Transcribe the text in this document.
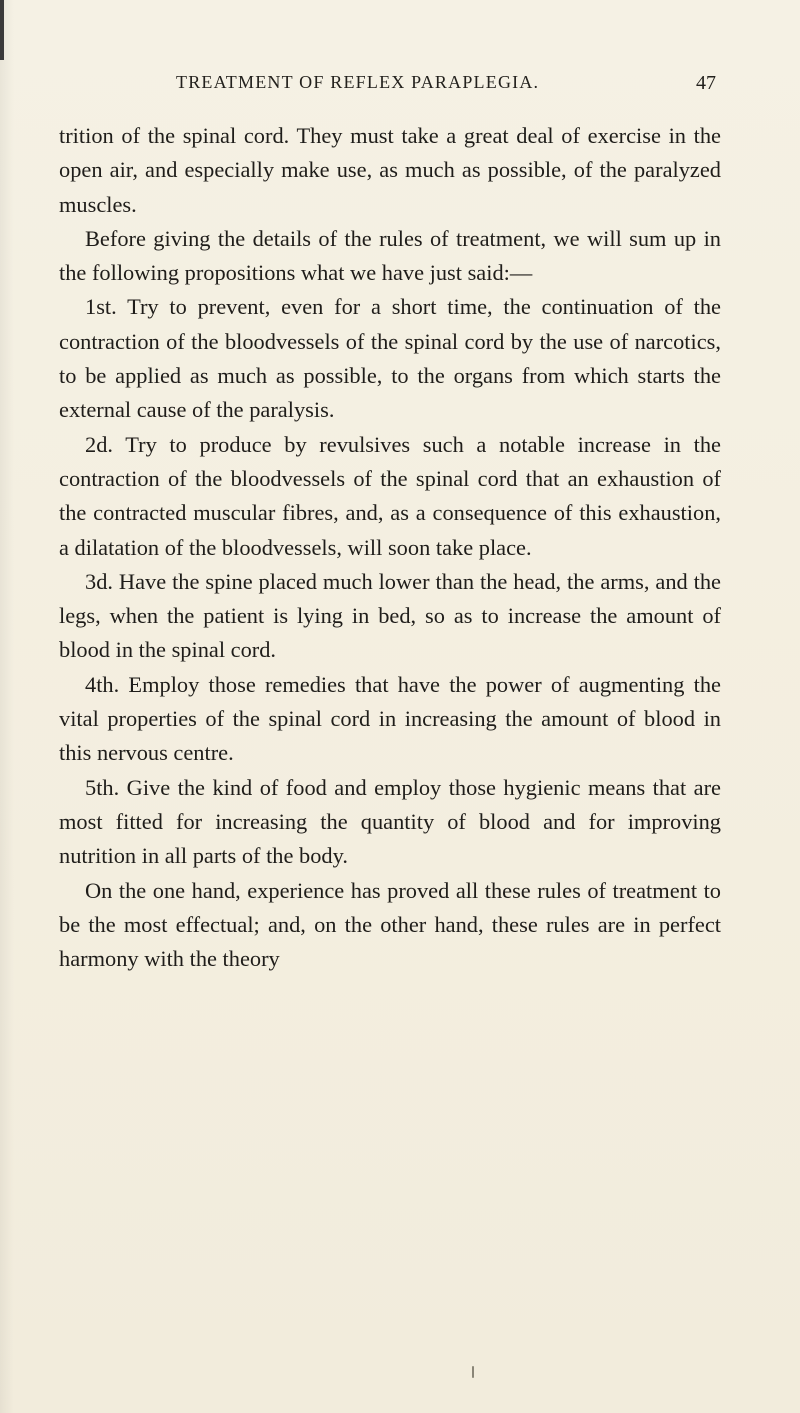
TREATMENT OF REFLEX PARAPLEGIA.	47

trition of the spinal cord. They must take a great deal of exercise in the open air, and especially make use, as much as possible, of the paralyzed muscles.

Before giving the details of the rules of treatment, we will sum up in the following propositions what we have just said:—

1st. Try to prevent, even for a short time, the continuation of the contraction of the bloodvessels of the spinal cord by the use of narcotics, to be applied as much as possible, to the organs from which starts the external cause of the paralysis.

2d. Try to produce by revulsives such a notable increase in the contraction of the bloodvessels of the spinal cord that an exhaustion of the contracted muscular fibres, and, as a consequence of this exhaustion, a dilatation of the bloodvessels, will soon take place.

3d. Have the spine placed much lower than the head, the arms, and the legs, when the patient is lying in bed, so as to increase the amount of blood in the spinal cord.

4th. Employ those remedies that have the power of augmenting the vital properties of the spinal cord in increasing the amount of blood in this nervous centre.

5th. Give the kind of food and employ those hygienic means that are most fitted for increasing the quantity of blood and for improving nutrition in all parts of the body.

On the one hand, experience has proved all these rules of treatment to be the most effectual; and, on the other hand, these rules are in perfect harmony with the theory
